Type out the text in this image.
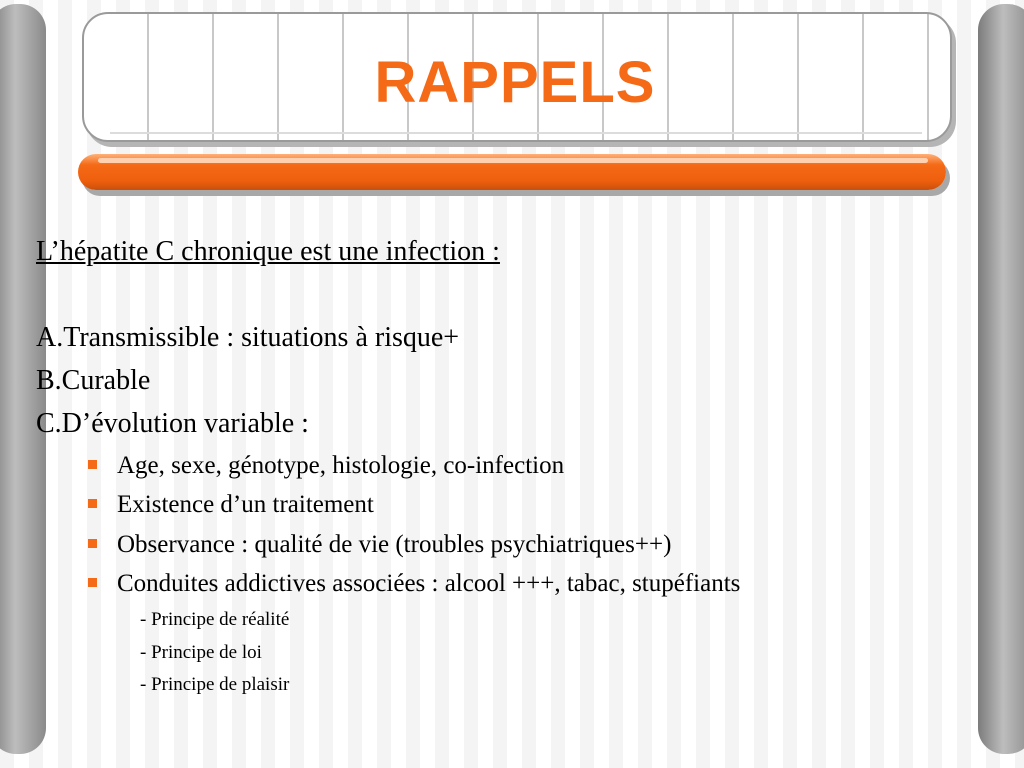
RAPPELS
L’hépatite C chronique est une infection :
A.Transmissible : situations à risque+
B.Curable
C.D’évolution variable :
Age, sexe, génotype, histologie, co-infection
Existence d’un traitement
Observance : qualité de vie (troubles psychiatriques++)
Conduites addictives associées : alcool +++, tabac, stupéfiants
- Principe de réalité
- Principe de loi
- Principe de plaisir
